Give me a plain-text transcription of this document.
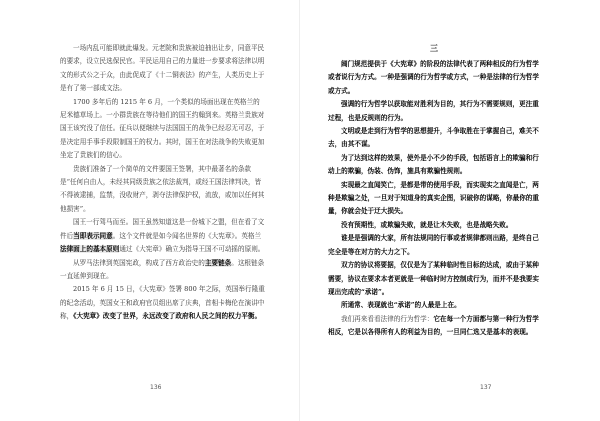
一场内乱可能即就此爆发。元老院和贵族被迫抽出让步，同意平民的要求，设立民选保民官。平民运用自己的力量进一步要求将法律以明文的形式公之于众，由此促成了《十二铜表法》的产生，人类历史上于是有了第一部成文法。

1700 多年后的 1215 年 6 月，一个类似的场面出现在英格兰的尼米德草场上。一小群贵族在等待他们的国王约翰到来。英格兰贵族对国王该究没了信任。征兵以便继续与法国国王的战争已经忍无可忍，于是决定用手事手段限制国王的权力。其时，国王在对法战争的失败更加坐定了贵族们的信心。

贵族们准备了一个简单的文件要国王签署，其中最著名的条款是“任何自由人，未经其同级贵族之依法裁判，或经王国法律判决，皆不得被逮捕，监禁，没收财产，剥夺法律保护权，流放，或加以任何其他损害”。

国王一行驾马而至。国王虽然知道这是一份城下之盟，但在看了文件后当即表示同意。这个文件就是如今闻名世界的《大宪章》。英格兰法律面上的基本原则通过《大宪章》确立为指导王国不可动摇的原则。

从罗马法律到英国宪政，构成了西方政治史的主要链条。这根链条一直延伸到现在。

2015 年 6 月 15 日，《大宪章》签署 800 年之际，英国举行隆重的纪念活动，英国女王和政府官员组出席了庆典，首相卡梅伦在演讲中称，《大宪章》改变了世界，永远改变了政府和人民之间的权力平衡。

136
三

阔门规范提供于《大宪章》的阶段的法律代表了两种相反的行为哲学或者说行为方式。一种是强调的行为哲学或方式，一种是法律的行为哲学或方式。

强调的行为哲学以获取能对胜利为目的，其行为不需要规则，更注重过程，也是反规则的行为。

文明或是走到行为哲学的思想提升，斗争取胜在于掌握自己，难关不去，由其不谋。

为了达到这样的效果，使外是小不少的手段，包括语言上的欺骗和行动上的欺骗，伪装、伪饰，施具有欺骗性规则。

实现最之直闻笑亡，是都是带的使用手段，而实现实之直闻是亡，两种是欺骗之处，一旦对于知道身的真实企图，识破你的谋略，你最你的重量，你就会处于迂大损失。

没有预期性，或欺骗失败，就是让木失败，也是战略失败。

谁是是强调的大家，所有法规同的行事或者规律都则出路，是终自己完全是等在对方的大力之下。

双方的协议将要据，仅仅是为了某种临时性目标的达成，或由于某种需要，协议在要求本者更就是一种临时时方控制成行为，而并不是我要实现出完成的“承诺”。

所通常、表现就也“承诺”的人最是上在。

我们再来看看法律的行为哲学：它在每一个方面都与第一种行为哲学相反，它是以各得所有人的利益为目的，一旦同仁选又是基本的表现。

137
